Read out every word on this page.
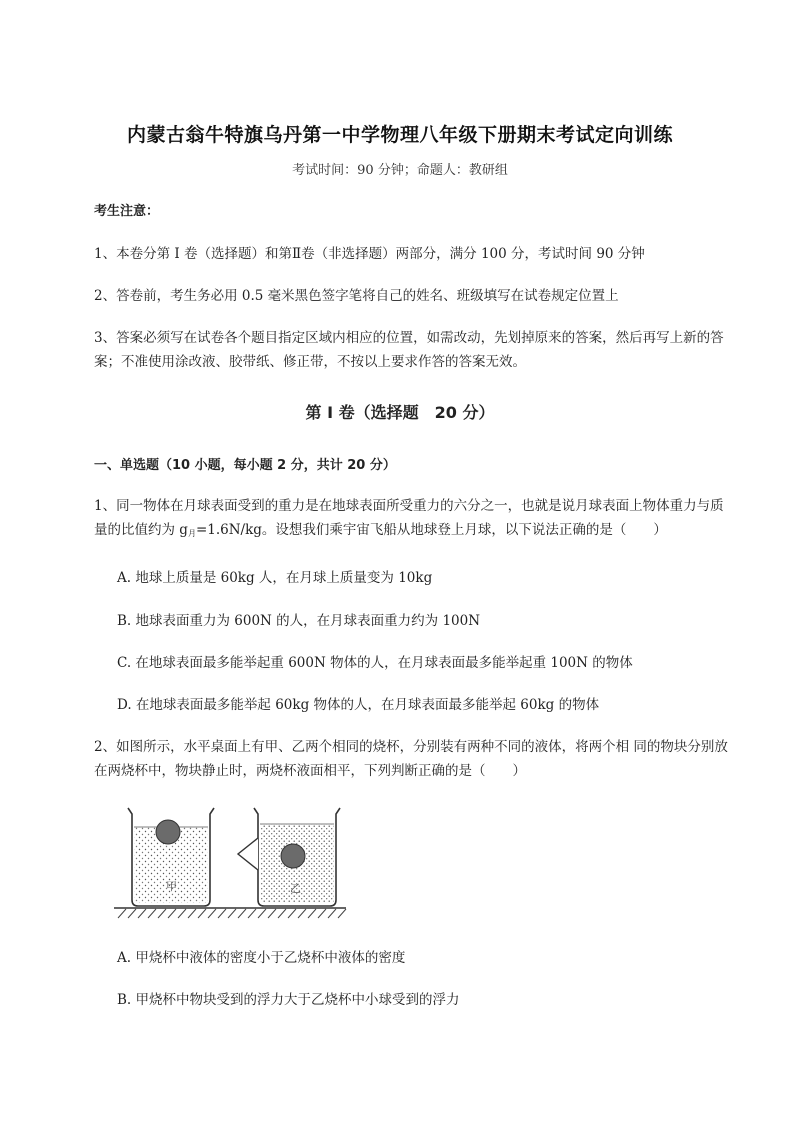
内蒙古翁牛特旗乌丹第一中学物理八年级下册期末考试定向训练
考试时间：90 分钟；命题人：教研组
考生注意：
1、本卷分第 I 卷（选择题）和第Ⅱ卷（非选择题）两部分，满分 100 分，考试时间 90 分钟
2、答卷前，考生务必用 0.5 毫米黑色签字笔将自己的姓名、班级填写在试卷规定位置上
3、答案必须写在试卷各个题目指定区域内相应的位置，如需改动，先划掉原来的答案，然后再写上新的答案；不准使用涂改液、胶带纸、修正带，不按以上要求作答的答案无效。
第 I 卷（选择题　20 分）
一、单选题（10 小题，每小题 2 分，共计 20 分）
1、同一物体在月球表面受到的重力是在地球表面所受重力的六分之一，也就是说月球表面上物体重力与质量的比值约为 $g_月=1.6N/kg$。设想我们乘宇宙飞船从地球登上月球，以下说法正确的是（　　）
A. 地球上质量是 60kg 人，在月球上质量变为 10kg
B. 地球表面重力为 600N 的人，在月球表面重力约为 100N
C. 在地球表面最多能举起重 600N 物体的人，在月球表面最多能举起重 100N 的物体
D. 在地球表面最多能举起 60kg 物体的人，在月球表面最多能举起 60kg 的物体
2、如图所示，水平桌面上有甲、乙两个相同的烧杯，分别装有两种不同的液体，将两个相 同的物块分别放在两烧杯中，物块静止时，两烧杯液面相平，下列判断正确的是（　　）
甲	乙
A. 甲烧杯中液体的密度小于乙烧杯中液体的密度
B. 甲烧杯中物块受到的浮力大于乙烧杯中小球受到的浮力
